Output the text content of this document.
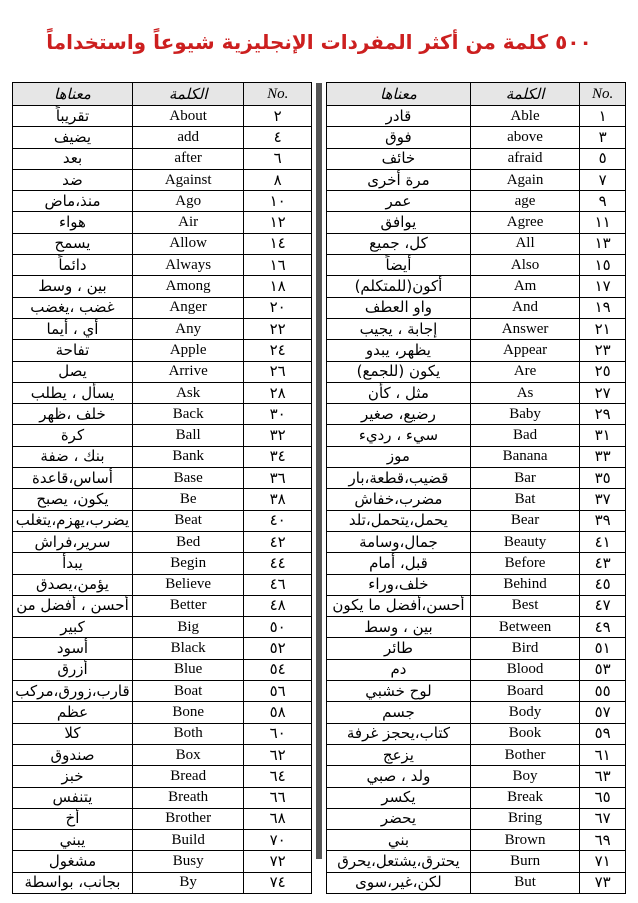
٥٠٠ كلمة من أكثر المفردات الإنجليزية شيوعاً واستخداماً
معناها	الكلمة	No.
تقريباً	About	٢
يضيف	add	٤
بعد	after	٦
ضد	Against	٨
منذ،ماض	Ago	١٠
هواء	Air	١٢
يسمح	Allow	١٤
دائماً	Always	١٦
بين ، وسط	Among	١٨
غضب ،يغضب	Anger	٢٠
أي ، أيما	Any	٢٢
تفاحة	Apple	٢٤
يصل	Arrive	٢٦
يسأل ، يطلب	Ask	٢٨
خلف ،ظهر	Back	٣٠
كرة	Ball	٣٢
بنك ، ضفة	Bank	٣٤
أساس،قاعدة	Base	٣٦
يكون، يصبح	Be	٣٨
يضرب،يهزم،يتغلب	Beat	٤٠
سرير،فراش	Bed	٤٢
يبدأ	Begin	٤٤
يؤمن،يصدق	Believe	٤٦
أحسن ، أفضل من	Better	٤٨
كبير	Big	٥٠
أسود	Black	٥٢
أزرق	Blue	٥٤
قارب،زورق،مركب	Boat	٥٦
عظم	Bone	٥٨
كلا	Both	٦٠
صندوق	Box	٦٢
خبز	Bread	٦٤
يتنفس	Breath	٦٦
أخ	Brother	٦٨
يبني	Build	٧٠
مشغول	Busy	٧٢
بجانب، بواسطة	By	٧٤
معناها	الكلمة	No.
قادر	Able	١
فوق	above	٣
خائف	afraid	٥
مرة أخرى	Again	٧
عمر	age	٩
يوافق	Agree	١١
كل، جميع	All	١٣
أيضاً	Also	١٥
أكون(للمتكلم)	Am	١٧
واو العطف	And	١٩
إجابة ، يجيب	Answer	٢١
يظهر، يبدو	Appear	٢٣
يكون (للجمع)	Are	٢٥
مثل ، كأن	As	٢٧
رضيع، صغير	Baby	٢٩
سيء ، رديء	Bad	٣١
موز	Banana	٣٣
قضيب،قطعة،بار	Bar	٣٥
مضرب،خفاش	Bat	٣٧
يحمل،يتحمل،تلد	Bear	٣٩
جمال،وسامة	Beauty	٤١
قبل، أمام	Before	٤٣
خلف،وراء	Behind	٤٥
أحسن،أفضل ما يكون	Best	٤٧
بين ، وسط	Between	٤٩
طائر	Bird	٥١
دم	Blood	٥٣
لوح خشبي	Board	٥٥
جسم	Body	٥٧
كتاب،يحجز غرفة	Book	٥٩
يزعج	Bother	٦١
ولد ، صبي	Boy	٦٣
يكسر	Break	٦٥
يحضر	Bring	٦٧
بني	Brown	٦٩
يحترق،يشتعل،يحرق	Burn	٧١
لكن،غير،سوى	But	٧٣
